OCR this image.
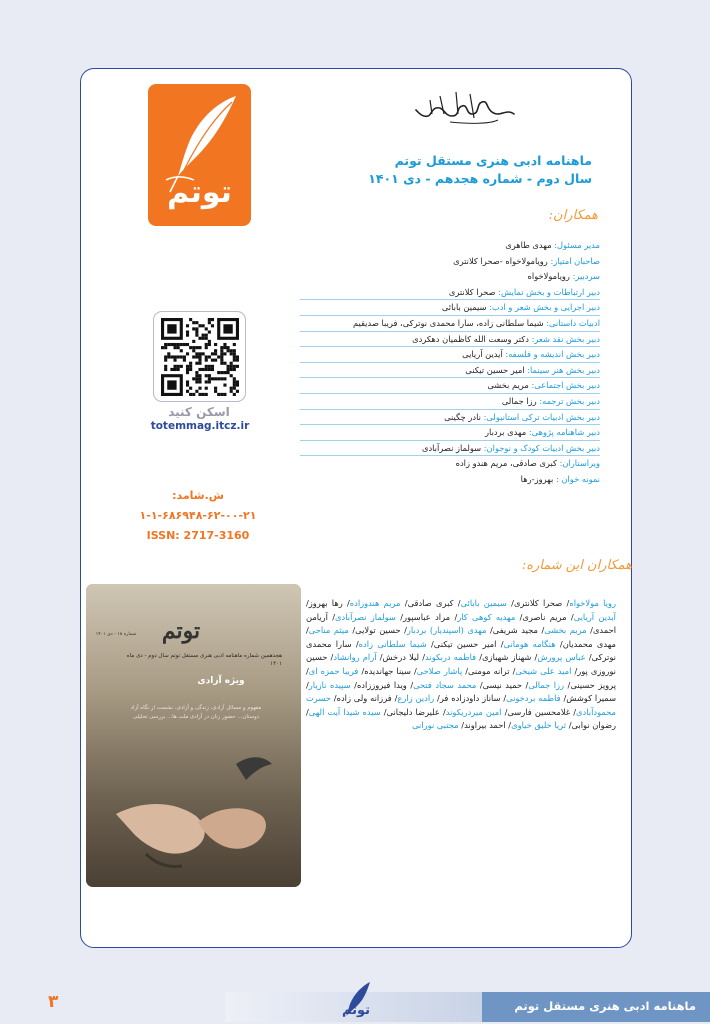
ماهنامه ادبی هنری مستقل توتم
سال دوم - شماره هجدهم - دی ۱۴۰۱
همکاران:
مدیر مسئول: مهدی طاهری
صاحبان امتیاز: رویامولاخواه -صحرا کلانتری
سردبیر: رویامولاخواه
دبیر ارتباطات و بخش نمایش: صحرا کلانتری
دبیر اجرایی و بخش شعر و ادب: سیمین بابائی
ادبیات داستانی: شیما سلطانی زاده، سارا محمدی نوترکی، فریبا صدیقیم
دبیر بخش نقد شعر: دکتر وسعت الله کاظمیان دهکردی
دبیر بخش اندیشه و فلسفه: آیدین آریایی
دبیر بخش هنر سینما: امیر حسین تیکنی
دبیر بخش اجتماعی: مریم بخشی
دبیر بخش ترجمه: رزا جمالی
دبیر بخش ادبیات ترکی استانبولی: نادر چگینی
دبیر شاهنامه پژوهی: مهدی بردبار
دبیر بخش ادبیات کودک و نوجوان: سولماز نصرآبادی
ویراستاران: کبری صادقی، مریم هندو زاده
نمونه خوان : بهروز-رها
توتم
اسکن کنید
totemmag.itcz.ir
ش.شامد: ۲۱-۰۰-۶۲-۶۸۶۹۴۸-۱-۱
ISSN: 2717-3160
همکاران این شماره:
رویا مولاخواه/ صحرا کلانتری/ سیمین بابائی/ کبری صادقی/ مریم هندوزاده/ رها بهروز/ آیدین آریایی/ مریم ناصری/ مهدیه کوهی کار/ مراد عباسپور/ سولماز نصرآبادی/ آریامن احمدی/ مریم بخشی/ مجید شریفی/ مهدی (اسپندیار) بردبار/ حسین تولایی/ میثم مناجی/ مهدی محمدیان/ هنگامه هومانی/ امیر حسین تیکنی/ شیما سلطانی زاده/ سارا محمدی نوترکی/ عباس پرورش/ شهناز شهبازی/ فاطمه دربکوند/ لیلا درخش/ آرام روانشاد/ حسین نوروزی پور/ امید علی شیخی/ ترانه مومنی/ پاشار صلاحی/ سینا جهاندیده/ فریبا حمزه ای/ پرویز حسینی/ رزا جمالی/ حمید نیسی/ محمد سجاد فتحی/ ویدا فیروززاده/ سپیده نازیار/ سمیرا کوشش/ فاطمه بردخونی/ ساناز داودزاده فر/ رادین زارع/ فرزانه ولی زاده/ حسرت محمودآبادی/ غلامحسین فارسی/ امین میردریکوند/ علیرضا دلیجانی/ سیده شیدا آیت الهی/ رضوان نوابی/ ثریا خلیق خیاوی/ احمد بیراوند/ مجتبی نورانی
شماره ۱۸ - دی ۱۴۰۱	توتم
هجدهمین شماره ماهنامه ادبی هنری مستقل توتم سال دوم - دی ماه ۱۴۰۱
ویژه آزادی
مفهوم و مسائل آزادی، زندگی و آزادی، نشست از نگاه آزاد دوستان... حضور زنان در آزادی ملت ها... بررسی تحلیلی
ماهنامه ادبی هنری مستقل توتم
۳	توتم
